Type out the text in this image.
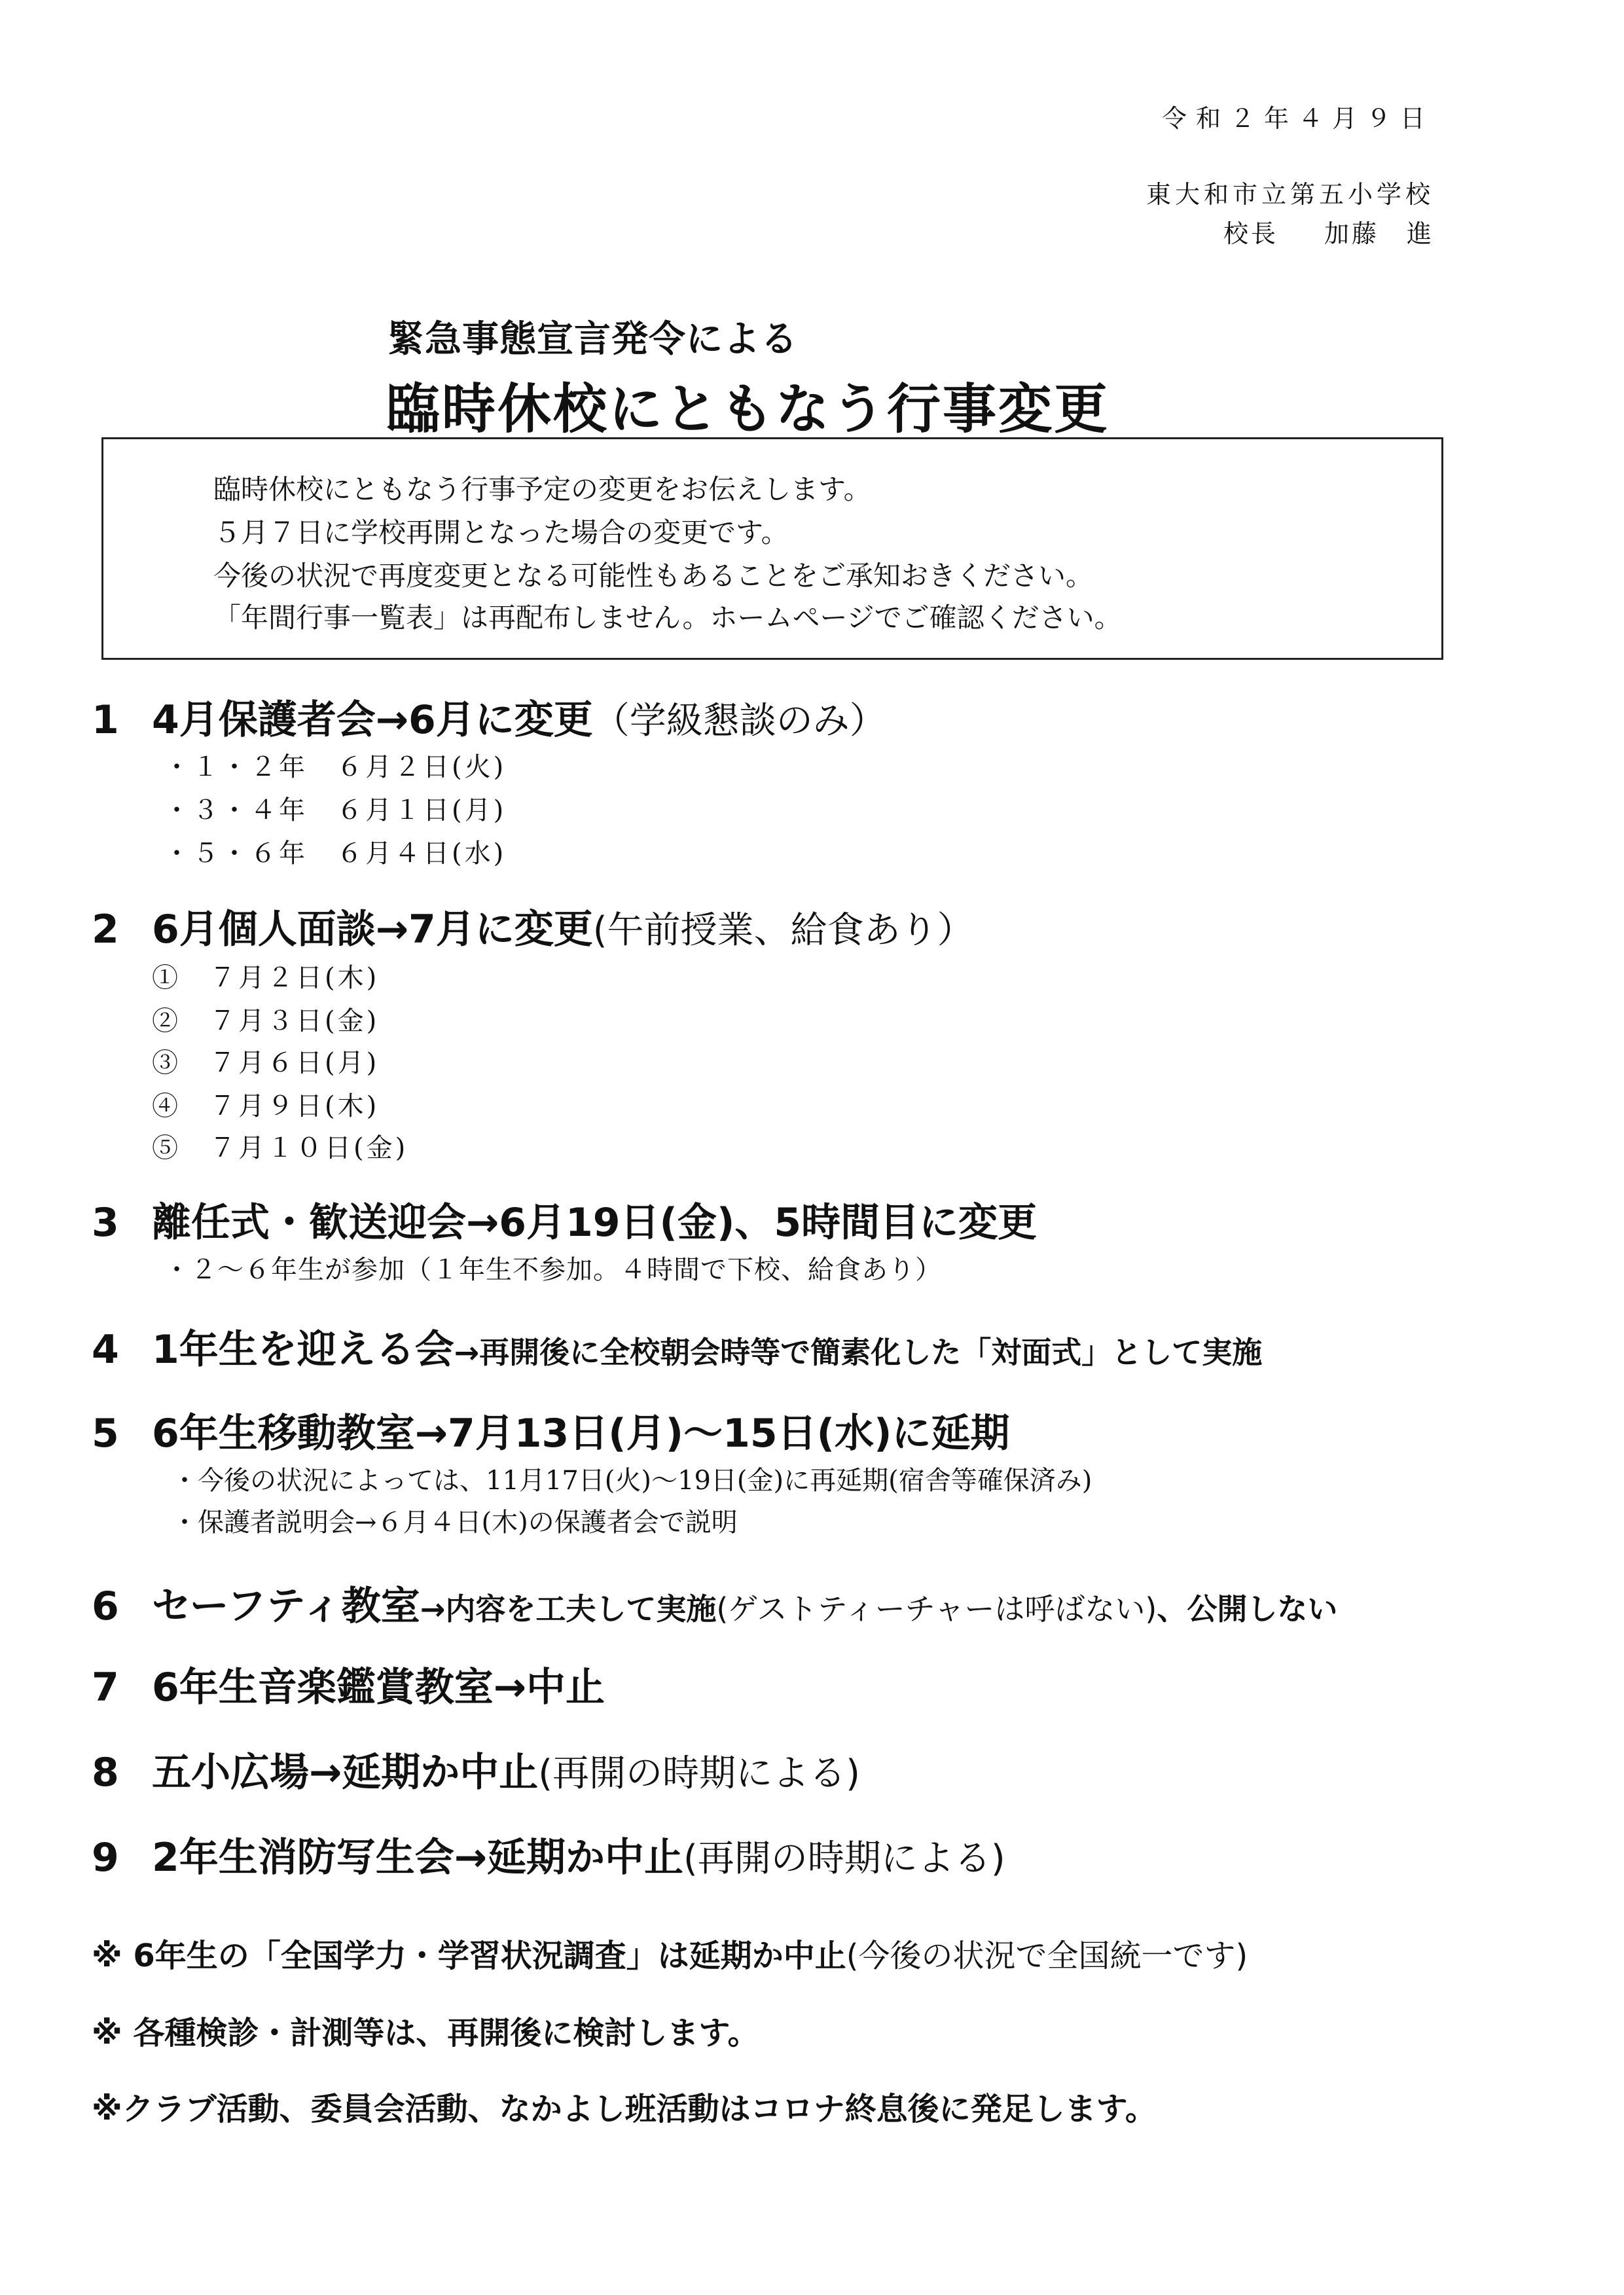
令和２年４月９日
東大和市立第五小学校
校長 加藤　進
緊急事態宣言発令による
臨時休校にともなう行事変更
臨時休校にともなう行事予定の変更をお伝えします。
５月７日に学校再開となった場合の変更です。
今後の状況で再度変更となる可能性もあることをご承知おきください。
「年間行事一覧表」は再配布しません。ホームページでご確認ください。
1 4月保護者会→6月に変更（学級懇談のみ）
・１・２年　６月２日(火)
・３・４年　６月１日(月)
・５・６年　６月４日(水)
2 6月個人面談→7月に変更(午前授業、給食あり）
①　７月２日(木)
②　７月３日(金)
③　７月６日(月)
④　７月９日(木)
⑤　７月１０日(金)
3 離任式・歓送迎会→6月19日(金)、5時間目に変更
・２～６年生が参加（１年生不参加。４時間で下校、給食あり）
4 1年生を迎える会→再開後に全校朝会時等で簡素化した「対面式」として実施
5 6年生移動教室→7月13日(月)～15日(水)に延期
・今後の状況によっては、11月17日(火)～19日(金)に再延期(宿舎等確保済み)
・保護者説明会→６月４日(木)の保護者会で説明
6 セーフティ教室→内容を工夫して実施(ゲストティーチャーは呼ばない)、公開しない
7 6年生音楽鑑賞教室→中止
8 五小広場→延期か中止(再開の時期による)
9 2年生消防写生会→延期か中止(再開の時期による)
※ 6年生の「全国学力・学習状況調査」は延期か中止(今後の状況で全国統一です)
※ 各種検診・計測等は、再開後に検討します。
※クラブ活動、委員会活動、なかよし班活動はコロナ終息後に発足します。
